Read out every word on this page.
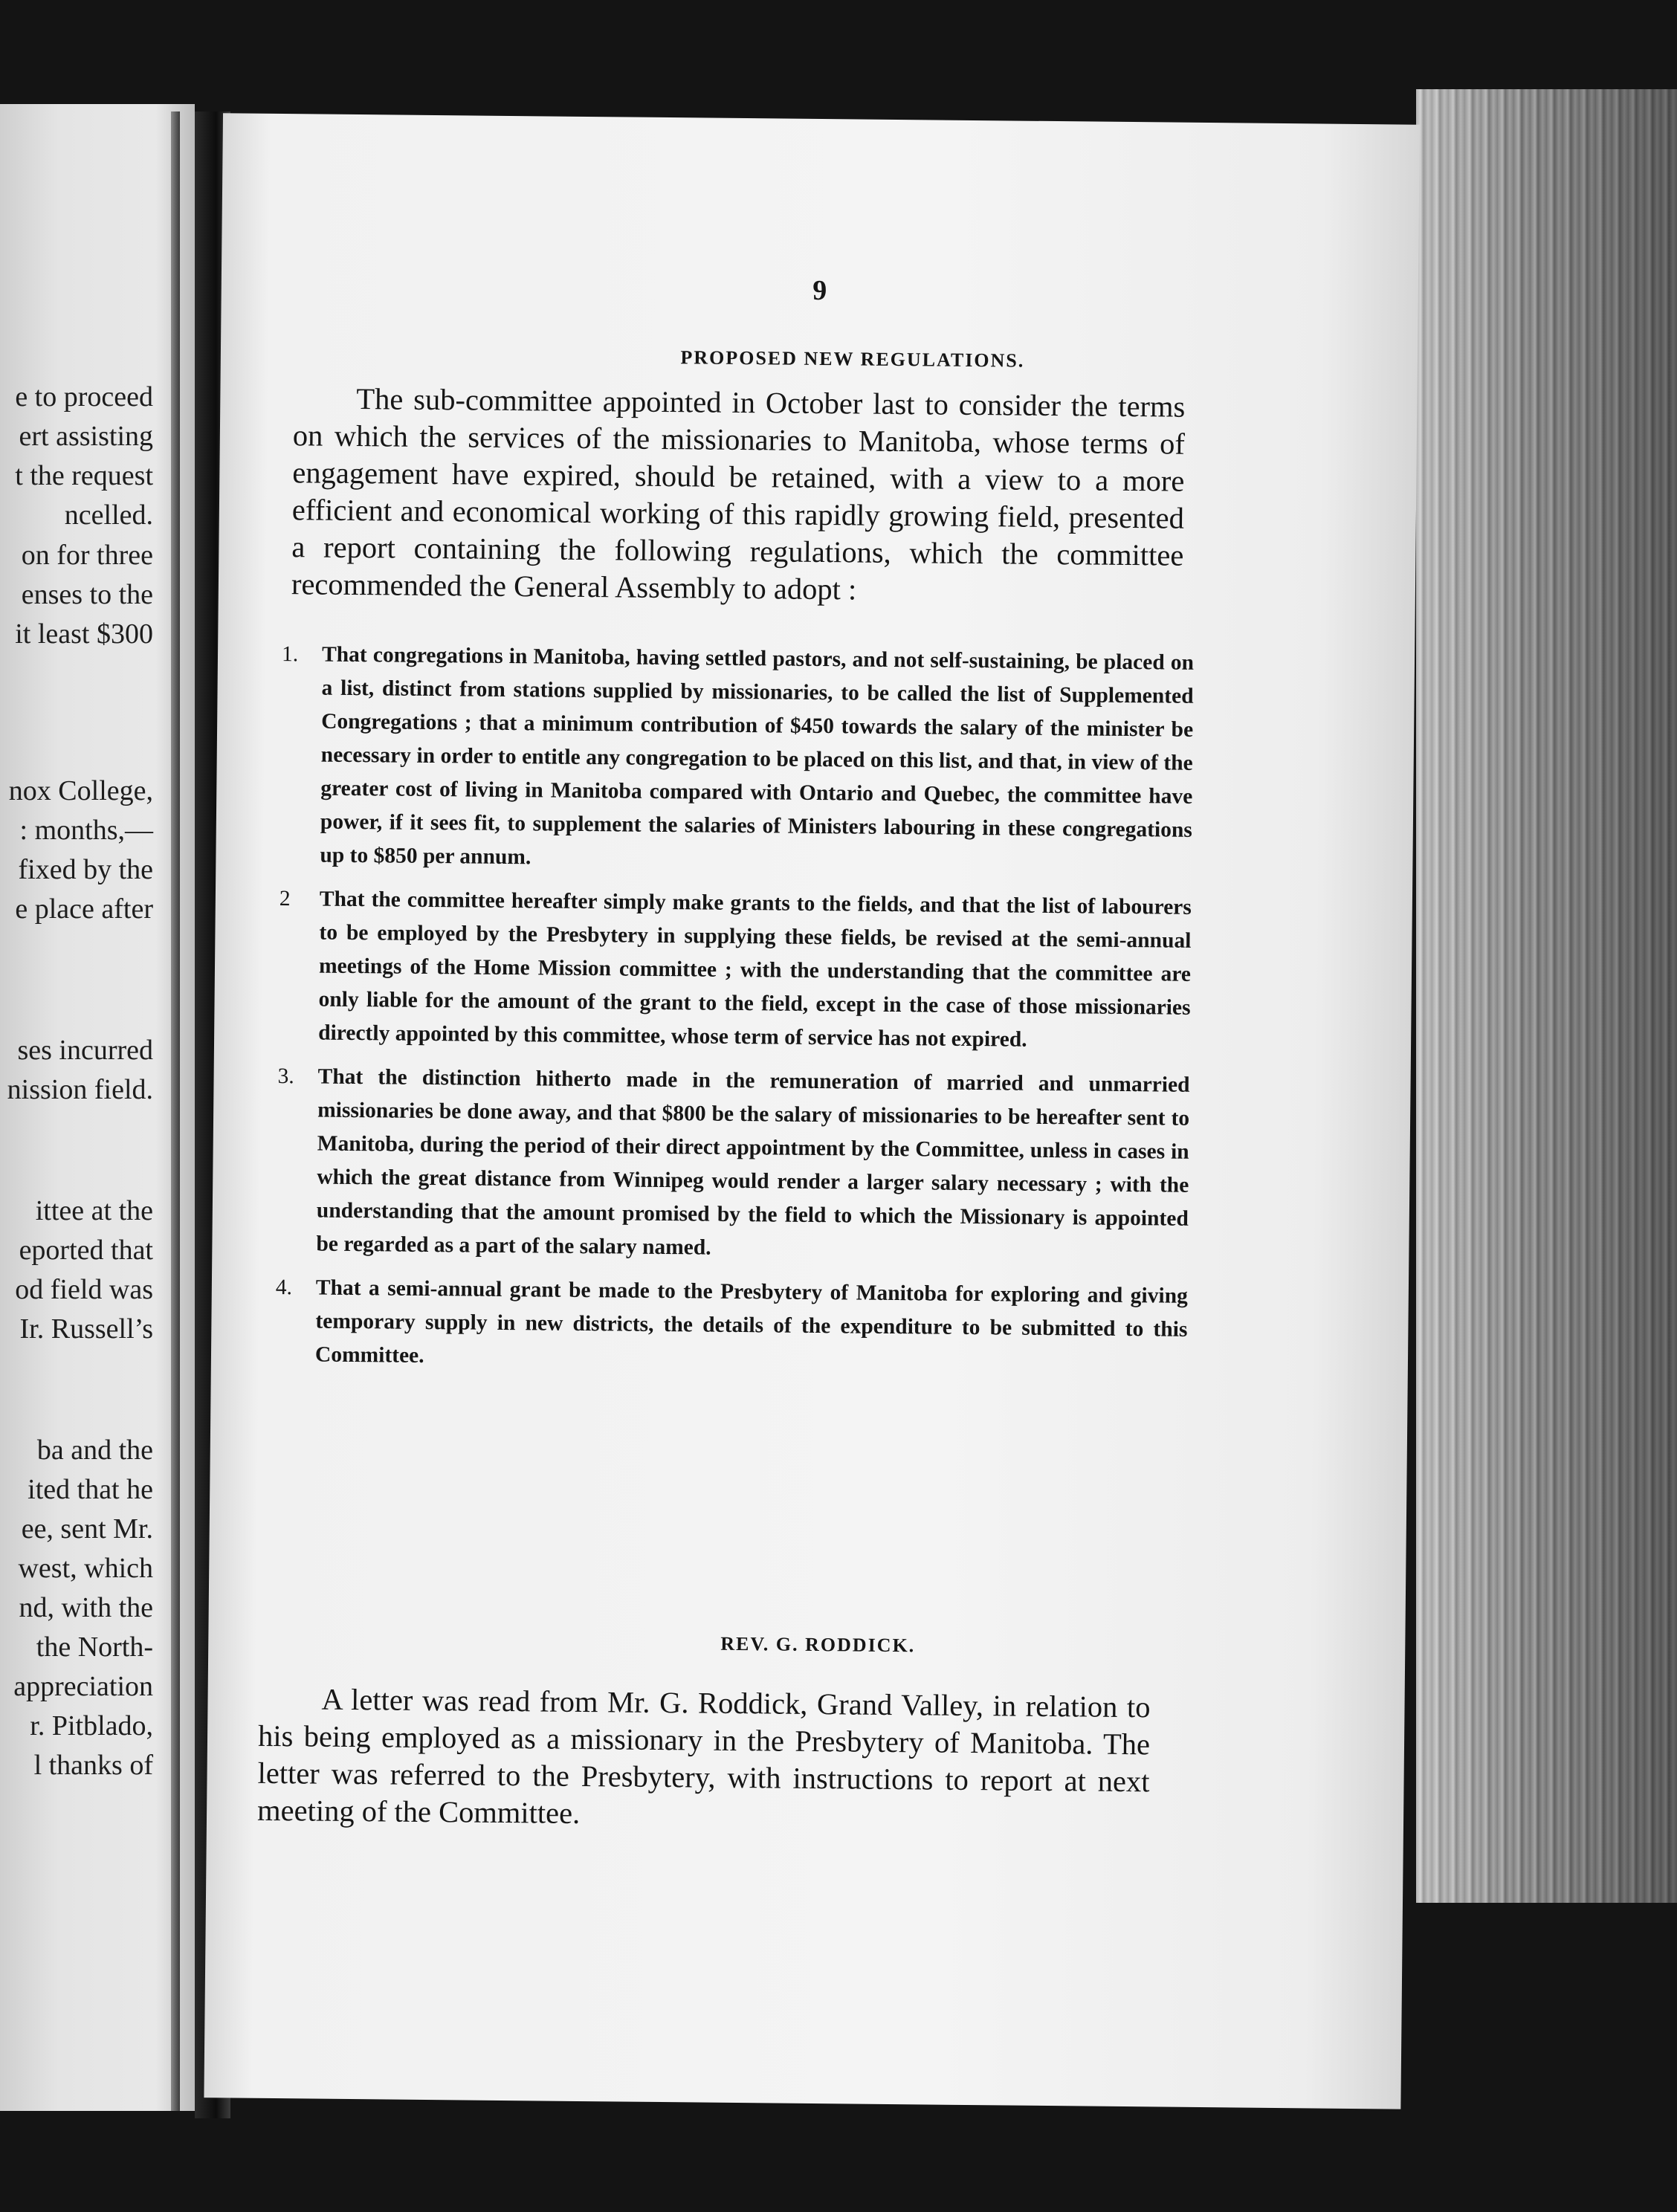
e to proceed
ert assisting
t the request
ncelled.
on for three
enses to the
it least $300
nox College,
: months,—
fixed by the
e place after
ses incurred
nission field.
ittee at the
eported that
od field was
Ir. Russell’s
ba and the
ited that he
ee, sent Mr.
west, which
nd, with the
the North-
appreciation
r. Pitblado,
l thanks of

9

PROPOSED NEW REGULATIONS.

The sub-committee appointed in October last to consider the terms on which the services of the missionaries to Manitoba, whose terms of engagement have expired, should be retained, with a view to a more efficient and economical working of this rapidly growing field, presented a report containing the following regulations, which the committee recommended the General Assembly to adopt :

1. That congregations in Manitoba, having settled pastors, and not self-sustaining, be placed on a list, distinct from stations supplied by missionaries, to be called the list of Supplemented Congregations ; that a minimum contribution of $450 towards the salary of the minister be necessary in order to entitle any congregation to be placed on this list, and that, in view of the greater cost of living in Manitoba compared with Ontario and Quebec, the committee have power, if it sees fit, to supplement the salaries of Ministers labouring in these congregations up to $850 per annum.
2 That the committee hereafter simply make grants to the fields, and that the list of labourers to be employed by the Presbytery in supplying these fields, be revised at the semi-annual meetings of the Home Mission committee ; with the understanding that the committee are only liable for the amount of the grant to the field, except in the case of those missionaries directly appointed by this committee, whose term of service has not expired.
3. That the distinction hitherto made in the remuneration of married and unmarried missionaries be done away, and that $800 be the salary of missionaries to be hereafter sent to Manitoba, during the period of their direct appointment by the Committee, unless in cases in which the great distance from Winnipeg would render a larger salary necessary ; with the understanding that the amount promised by the field to which the Missionary is appointed be regarded as a part of the salary named.
4. That a semi-annual grant be made to the Presbytery of Manitoba for exploring and giving temporary supply in new districts, the details of the expenditure to be submitted to this Committee.
REV. G. RODDICK.

A letter was read from Mr. G. Roddick, Grand Valley, in relation to his being employed as a missionary in the Presbytery of Manitoba. The letter was referred to the Presbytery, with instructions to report at next meeting of the Committee.
